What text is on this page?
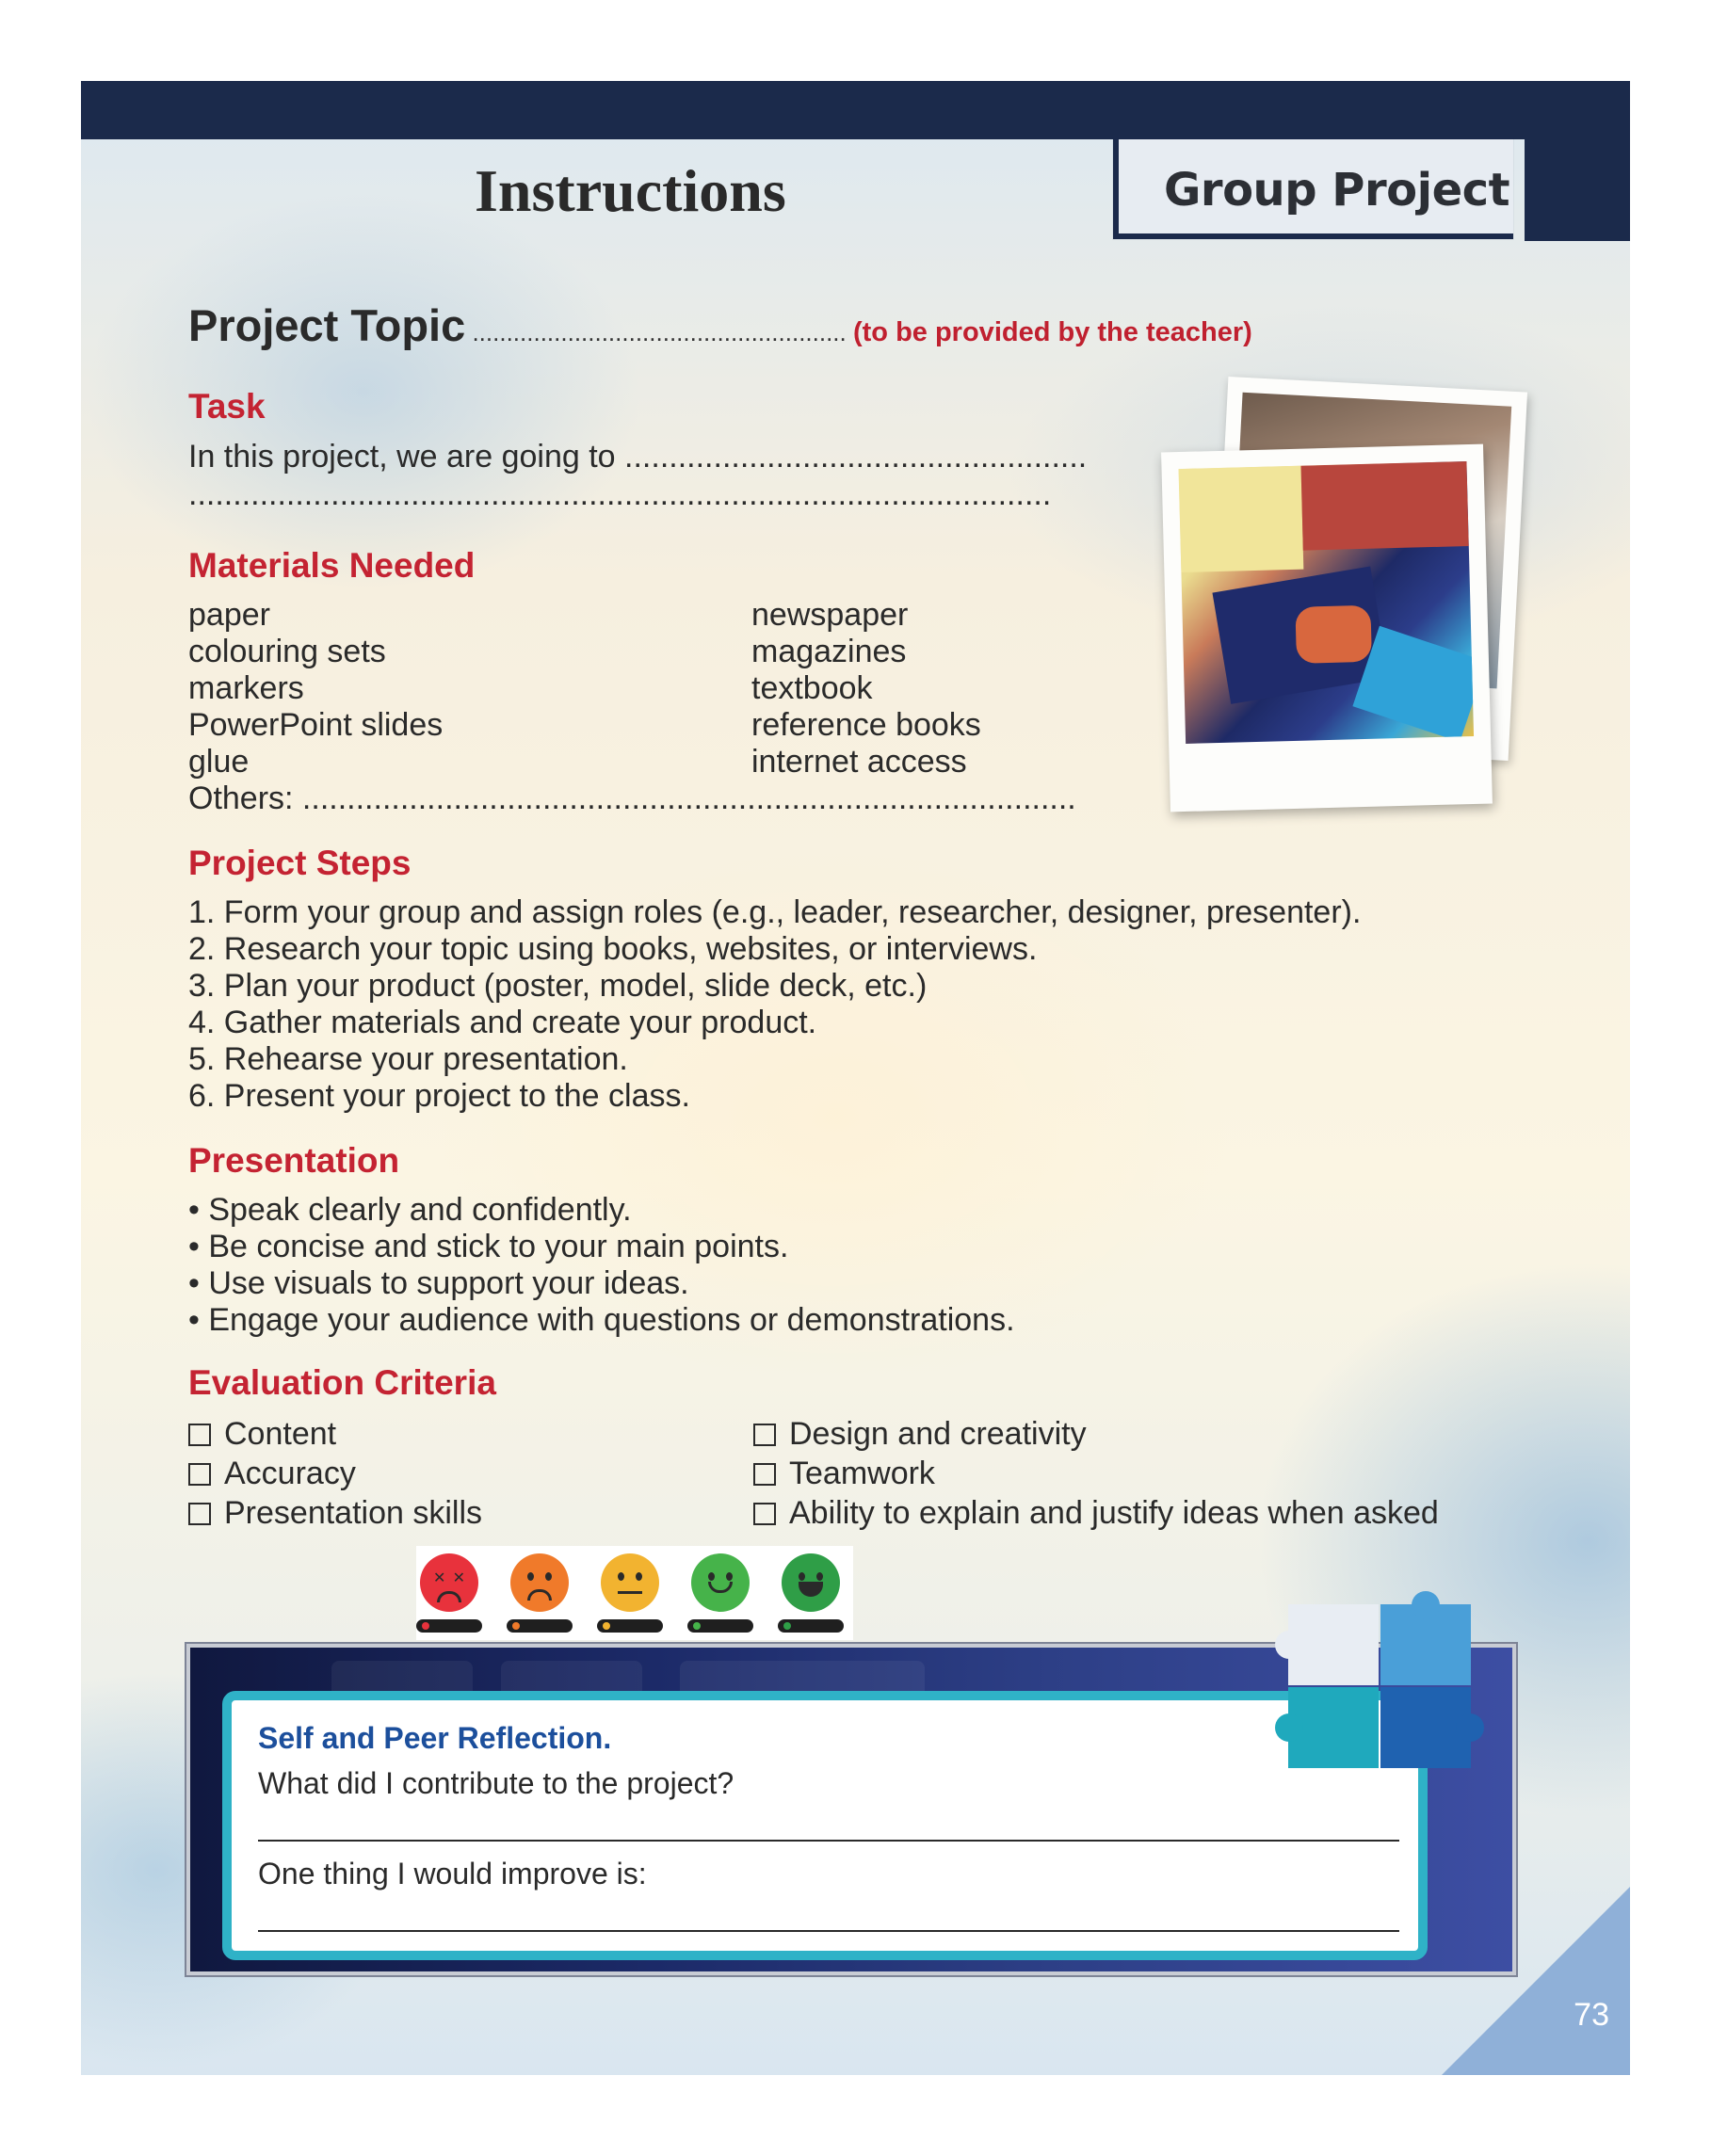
Instructions	Group Project
Project Topic ....................................................... (to be provided by the teacher)
Task
In this project, we are going to ....................................................
.................................................................................................
Materials Needed
paper
colouring sets
markers
PowerPoint slides
glue
Others: .......................................................................................
newspaper
magazines
textbook
reference books
internet access
Project Steps
1. Form your group and assign roles (e.g., leader, researcher, designer, presenter).
2. Research your topic using books, websites, or interviews.
3. Plan your product (poster, model, slide deck, etc.)
4. Gather materials and create your product.
5. Rehearse your presentation.
6. Present your project to the class.
Presentation
• Speak clearly and confidently.
• Be concise and stick to your main points.
• Use visuals to support your ideas.
• Engage your audience with questions or demonstrations.
Evaluation Criteria
Content
Accuracy
Presentation skills
Design and creativity
Teamwork
Ability to explain and justify ideas when asked
✕ ✕
Self and Peer Reflection.
What did I contribute to the project?
One thing I would improve is:
73
